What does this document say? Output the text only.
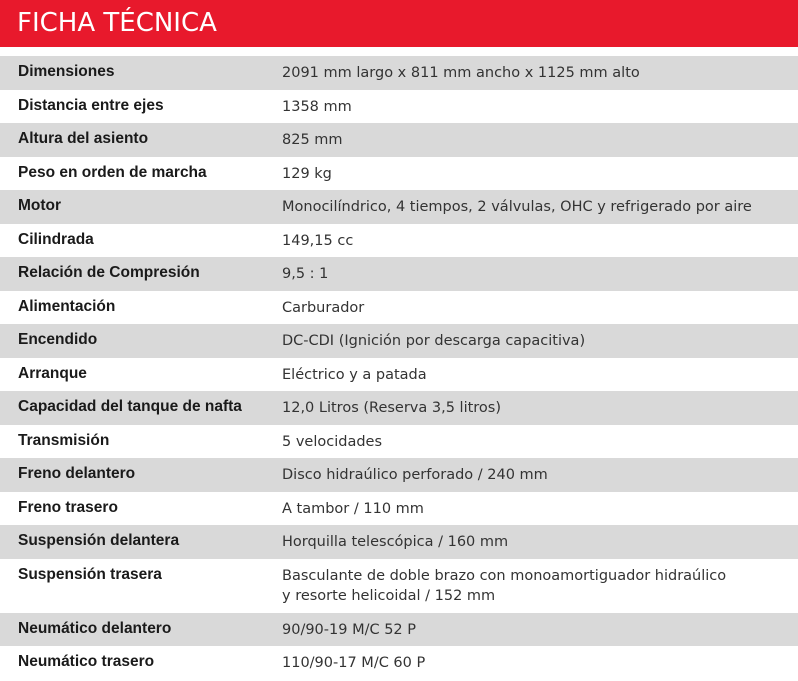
FICHA TÉCNICA
Dimensiones	2091 mm largo x 811 mm ancho x 1125 mm alto
Distancia entre ejes	1358 mm
Altura del asiento	825 mm
Peso en orden de marcha	129 kg
Motor	Monocilíndrico, 4 tiempos, 2 válvulas, OHC y refrigerado por aire
Cilindrada	149,15 cc
Relación de Compresión	9,5 : 1
Alimentación	Carburador
Encendido	DC-CDI (Ignición por descarga capacitiva)
Arranque	Eléctrico y a patada
Capacidad del tanque de nafta	12,0 Litros (Reserva 3,5 litros)
Transmisión	5 velocidades
Freno delantero	Disco hidraúlico perforado / 240 mm
Freno trasero	A tambor / 110 mm
Suspensión delantera	Horquilla telescópica / 160 mm
Suspensión trasera	Basculante de doble brazo con monoamortiguador hidraúlico
y resorte helicoidal / 152 mm
Neumático delantero	90/90-19 M/C 52 P
Neumático trasero	110/90-17 M/C 60 P
